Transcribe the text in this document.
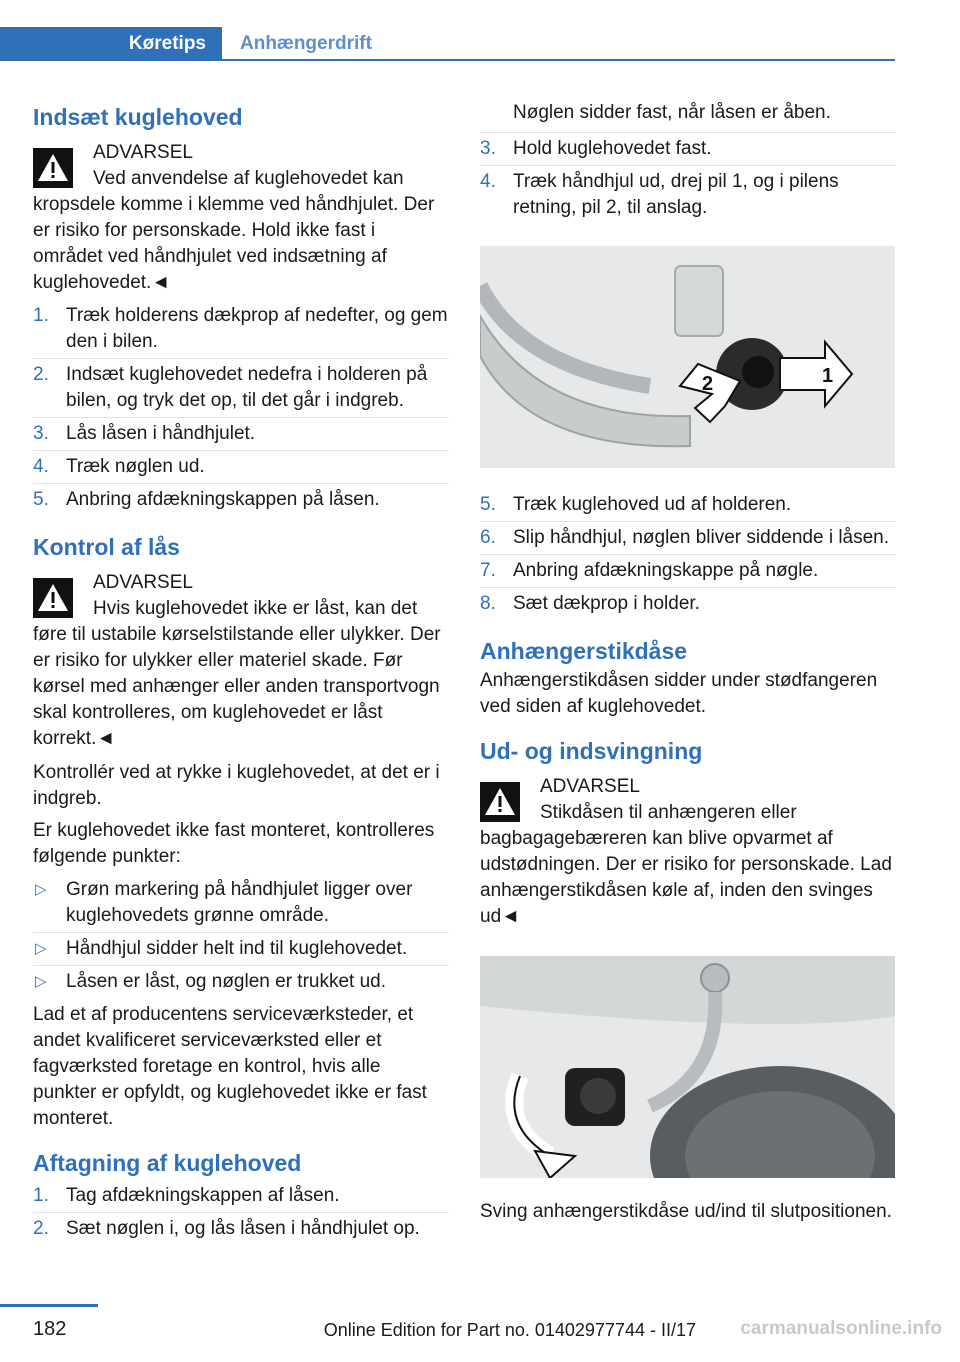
Køretips	Anhængerdrift
Indsæt kuglehoved
ADVARSEL

Ved anvendelse af kuglehovedet kan kropsdele komme i klemme ved håndhjulet. Der er risiko for personskade. Hold ikke fast i området ved håndhjulet ved indsætning af kuglehovedet.◄

1. Træk holderens dækprop af nedefter, og gem den i bilen.
2. Indsæt kuglehovedet nedefra i holderen på bilen, og tryk det op, til det går i indgreb.
3. Lås låsen i håndhjulet.
4. Træk nøglen ud.
5. Anbring afdækningskappen på låsen.
Kontrol af lås
ADVARSEL

Hvis kuglehovedet ikke er låst, kan det føre til ustabile kørselstilstande eller ulykker. Der er risiko for ulykker eller materiel skade. Før kørsel med anhænger eller anden transportvogn skal kontrolleres, om kuglehovedet er låst korrekt.◄

Kontrollér ved at rykke i kuglehovedet, at det er i indgreb.

Er kuglehovedet ikke fast monteret, kontrolleres følgende punkter:

▷ Grøn markering på håndhjulet ligger over kuglehovedets grønne område.
▷ Håndhjul sidder helt ind til kuglehovedet.
▷ Låsen er låst, og nøglen er trukket ud.

Lad et af producentens serviceværksteder, et andet kvalificeret serviceværksted eller et fagværksted foretage en kontrol, hvis alle punkter er opfyldt, og kuglehovedet ikke er fast monteret.

Aftagning af kuglehoved
1. Tag afdækningskappen af låsen.
2. Sæt nøglen i, og lås låsen i håndhjulet op.

Nøglen sidder fast, når låsen er åben.

3. Hold kuglehovedet fast.
4. Træk håndhjul ud, drej pil 1, og i pilens retning, pil 2, til anslag.
2	1
5. Træk kuglehoved ud af holderen.
6. Slip håndhjul, nøglen bliver siddende i låsen.
7. Anbring afdækningskappe på nøgle.
8. Sæt dækprop i holder.
Anhængerstikdåse

Anhængerstikdåsen sidder under stødfangeren ved siden af kuglehovedet.

Ud- og indsvingning
ADVARSEL

Stikdåsen til anhængeren eller bagbagagebæreren kan blive opvarmet af udstødningen. Der er risiko for personskade. Lad anhængerstikdåsen køle af, inden den svinges ud◄

Sving anhængerstikdåse ud/ind til slutpositionen.

182	Online Edition for Part no. 01402977744 - II/17 carmanualsonline.info
